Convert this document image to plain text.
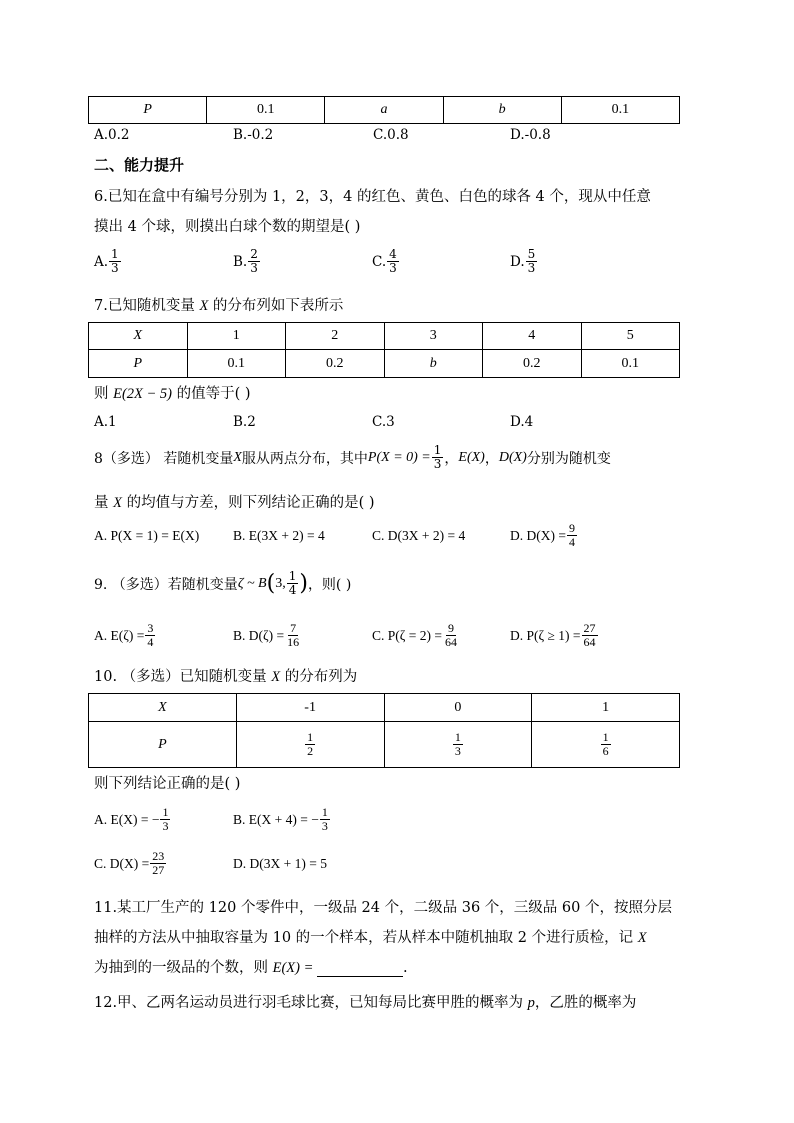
P	0.1	a	b	0.1
A.0.2	B.-0.2	C.0.8	D.-0.8
二、能力提升
6.已知在盒中有编号分别为 1，2，3，4 的红色、黄色、白色的球各 4 个，现从中任意
摸出 4 个球，则摸出白球个数的期望是( )
A. 1
3	B. 2
3	C. 4
3	D. 5
3
7.已知随机变量 X 的分布列如下表所示
X	1	2	3	4	5
P	0.1	0.2	b	0.2	0.1
则 E(2X − 5) 的值等于( )
A.1	B.2	C.3	D.4
8（多选） 若随机变量 X 服从两点分布，其中 $P(X = 0) = \frac{1}{3}$ ， E(X) ， D(X) 分别为随机变
量 X 的均值与方差，则下列结论正确的是( )
A. P(X = 1) = E(X)	B. E(3X + 2) = 4	C. D(3X + 2) = 4	D. $D(X) = \frac{9}{4}$
9. （多选）若随机变量 ζ ~ B ( 3, 1
4 ) ，则( )
A. $E(\zeta) = \frac{3}{4}$	B. $D(\zeta) = \frac{7}{16}$	C. $P(\zeta = 2) = \frac{9}{64}$	D. $P(\zeta \ge 1) = \frac{27}{64}$
10. （多选）已知随机变量 X 的分布列为
X	-1	0	1
P	$\frac{1}{2}$	$\frac{1}{3}$	$\frac{1}{6}$
则下列结论正确的是( )
A. E(X) = − $\frac{1}{3}$	B. E(X + 4) = − $\frac{1}{3}$
C. $D(X) = \frac{23}{27}$	D. D(3X + 1) = 5
11.某工厂生产的 120 个零件中，一级品 24 个，二级品 36 个，三级品 60 个，按照分层
抽样的方法从中抽取容量为 10 的一个样本，若从样本中随机抽取 2 个进行质检，记 X
为抽到的一级品的个数，则 E(X) =	.
12.甲、乙两名运动员进行羽毛球比赛，已知每局比赛甲胜的概率为 p，乙胜的概率为
